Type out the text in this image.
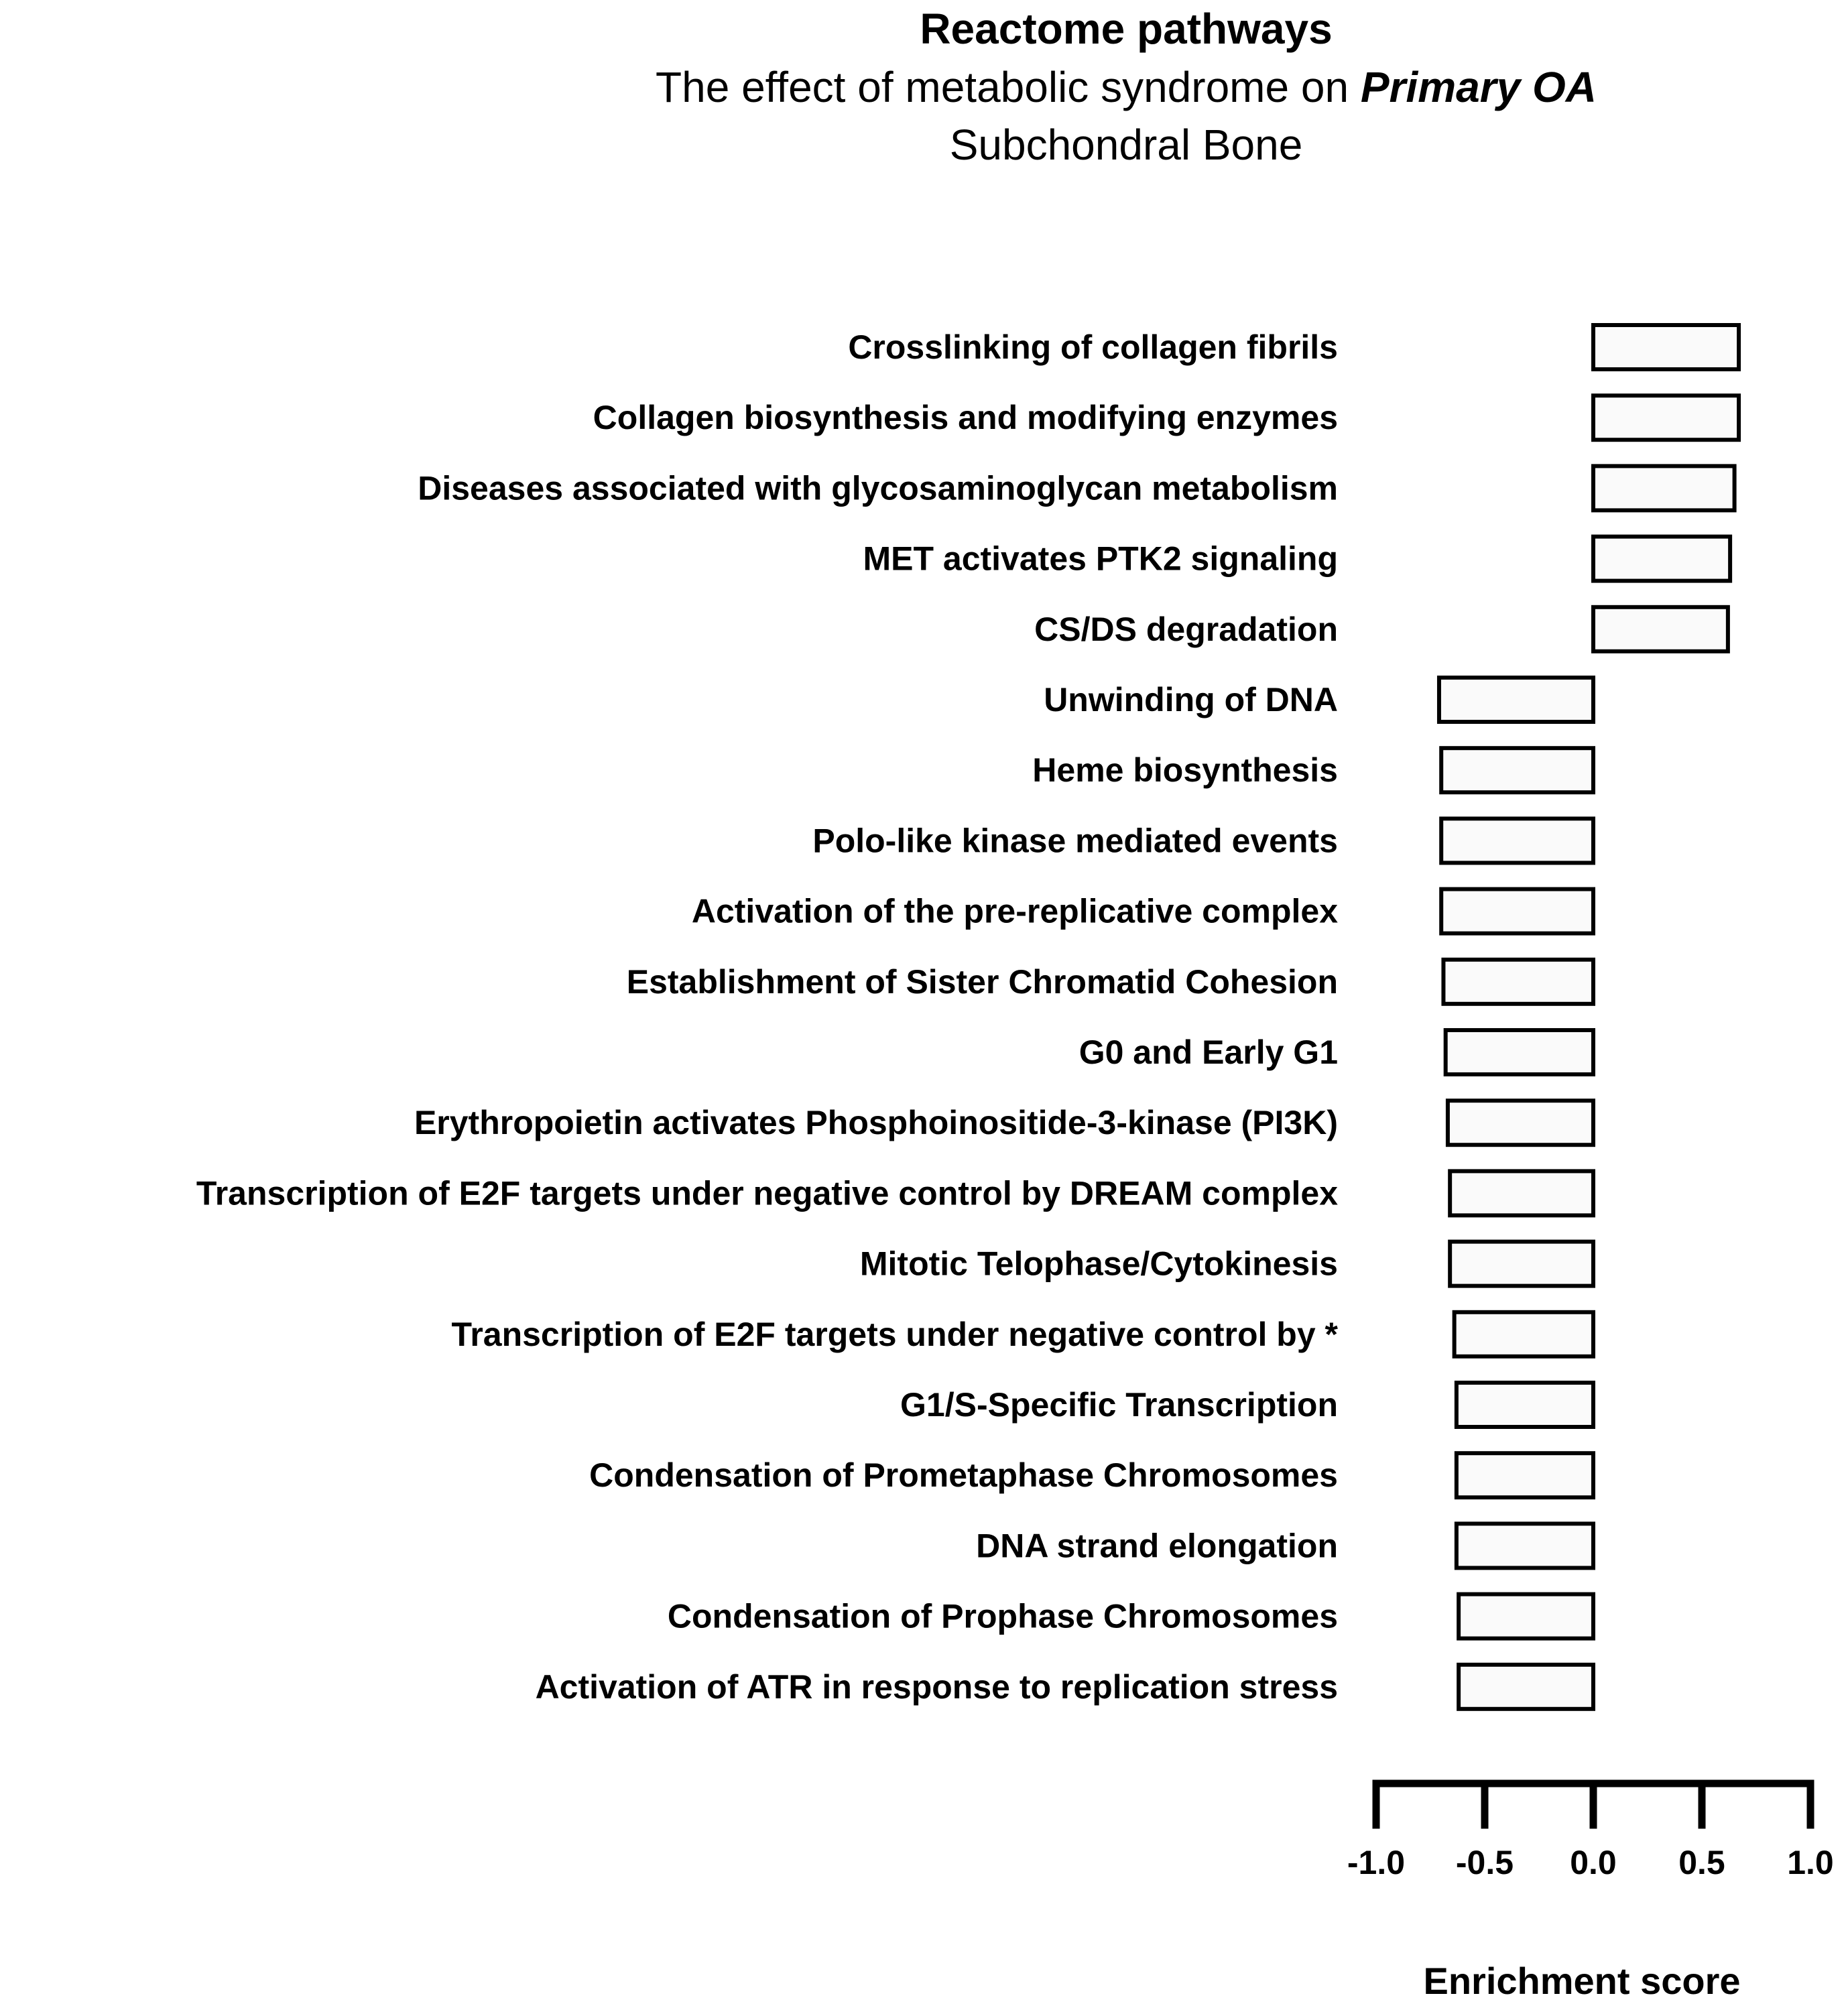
Reactome pathways
The effect of metabolic syndrome on Primary OA
Subchondral Bone
Crosslinking of collagen fibrils
Collagen biosynthesis and modifying enzymes
Diseases associated with glycosaminoglycan metabolism
MET activates PTK2 signaling
CS/DS degradation
Unwinding of DNA
Heme biosynthesis
Polo-like kinase mediated events
Activation of the pre-replicative complex
Establishment of Sister Chromatid Cohesion
G0 and Early G1
Erythropoietin activates Phosphoinositide-3-kinase (PI3K)
Transcription of E2F targets under negative control by DREAM complex
Mitotic Telophase/Cytokinesis
Transcription of E2F targets under negative control by *
G1/S-Specific Transcription
Condensation of Prometaphase Chromosomes
DNA strand elongation
Condensation of Prophase Chromosomes
Activation of ATR in response to replication stress
-1.0 -0.5 0.0 0.5 1.0
Enrichment score
